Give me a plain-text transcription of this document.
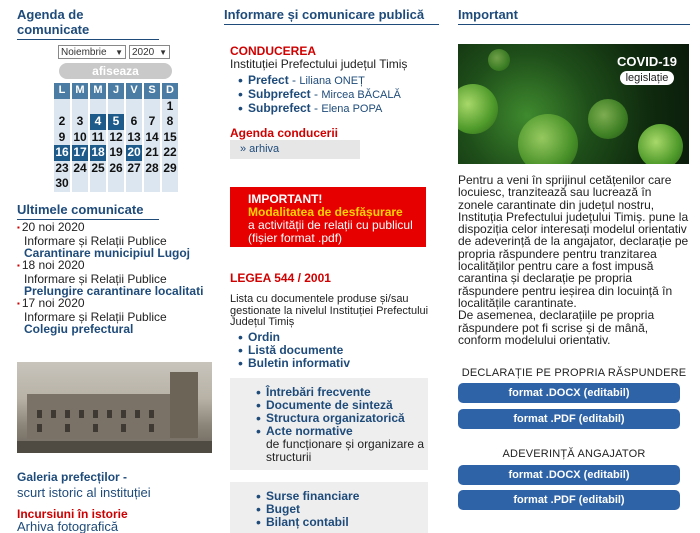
Agenda de comunicate
Noiembrie ▼ 2020 ▼
afiseaza
L M M J	V S D
1
2 3 4 5 6 7 8
9 10 11 12 13 14 15
16 17 18 19 20 21 22
23 24 25 26 27 28 29
30
Ultimele comunicate
▪ 20 noi 2020
Informare și Relații Publice
Carantinare municipiul Lugoj
▪ 18 noi 2020
Informare și Relații Publice
Prelungire carantinare localitati
▪ 17 noi 2020
Informare și Relații Publice
Colegiu prefectural
Galeria prefecților -
scurt istoric al instituției
Incursiuni în istorie
Arhiva fotografică
Informare și comunicare publică
CONDUCEREA
Instituției Prefectului județul Timiș
• Prefect - Liliana ONEȚ
• Subprefect - Mircea BĂCALĂ
• Subprefect - Elena POPA
Agenda conducerii
» arhiva
IMPORTANT!
Modalitatea de desfășurare
a activității de relații cu publicul
(fișier format .pdf)
LEGEA 544 / 2001
Lista cu documentele produse și/sau gestionate la nivelul Instituției Prefectului Județul Timiș
• Ordin
• Listă documente
• Buletin informativ
• Întrebări frecvente
• Documente de sinteză
• Structura organizatorică
• Acte normative
de funcționare și organizare a structurii
• Surse financiare
• Buget
• Bilanț contabil
Important
COVID-19
legislație
Pentru a veni în sprijinul cetățenilor care locuiesc, tranzitează sau lucrează în zonele carantinate din județul nostru, Instituția Prefectului județului Timiș. pune la dispoziția celor interesați modelul orientativ de adeverință de la angajator, declarație pe propria răspundere pentru tranzitarea localităților pentru care a fost impusă carantina și declarație pe propria răspundere pentru ieșirea din locuință în localitățile carantinate.
De asemenea, declarațiile pe propria răspundere pot fi scrise și de mână, conform modelului orientativ.
DECLARAȚIE PE PROPRIA RĂSPUNDERE
format .DOCX (editabil)
format .PDF (editabil)
ADEVERINȚĂ ANGAJATOR
format .DOCX (editabil)
format .PDF (editabil)
